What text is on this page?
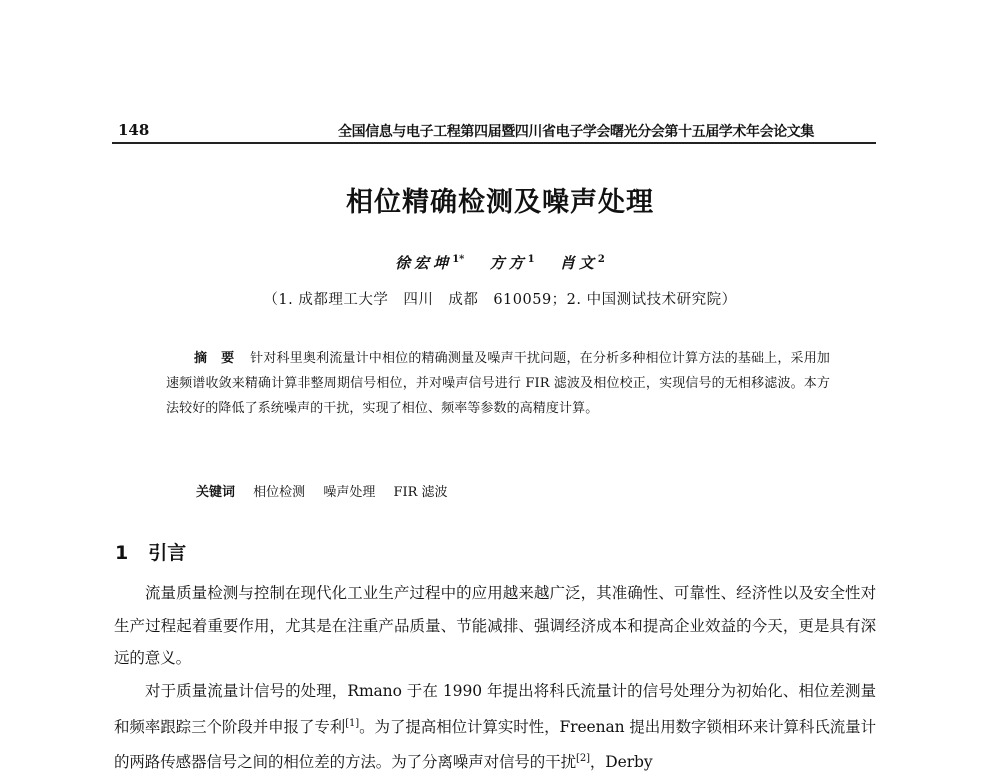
148	全国信息与电子工程第四届暨四川省电子学会曙光分会第十五届学术年会论文集
相位精确检测及噪声处理
徐宏坤$^{1*}$ 方方$^1$ 肖文$^2$
（1. 成都理工大学　四川　成都　610059；2. 中国测试技术研究院）
摘要 针对科里奥利流量计中相位的精确测量及噪声干扰问题，在分析多种相位计算方法的基础上，采用加速频谱收敛来精确计算非整周期信号相位，并对噪声信号进行 FIR 滤波及相位校正，实现信号的无相移滤波。本方法较好的降低了系统噪声的干扰，实现了相位、频率等参数的高精度计算。
关键词 相位检测 噪声处理 FIR 滤波
1 引言
流量质量检测与控制在现代化工业生产过程中的应用越来越广泛，其准确性、可靠性、经济性以及安全性对生产过程起着重要作用，尤其是在注重产品质量、节能减排、强调经济成本和提高企业效益的今天，更是具有深远的意义。
对于质量流量计信号的处理，Rmano 于在 1990 年提出将科氏流量计的信号处理分为初始化、相位差测量和频率跟踪三个阶段并申报了专利[1]。为了提高相位计算实时性，Freenan 提出用数字锁相环来计算科氏流量计的两路传感器信号之间的相位差的方法。为了分离噪声对信号的干扰[2]，Derby
